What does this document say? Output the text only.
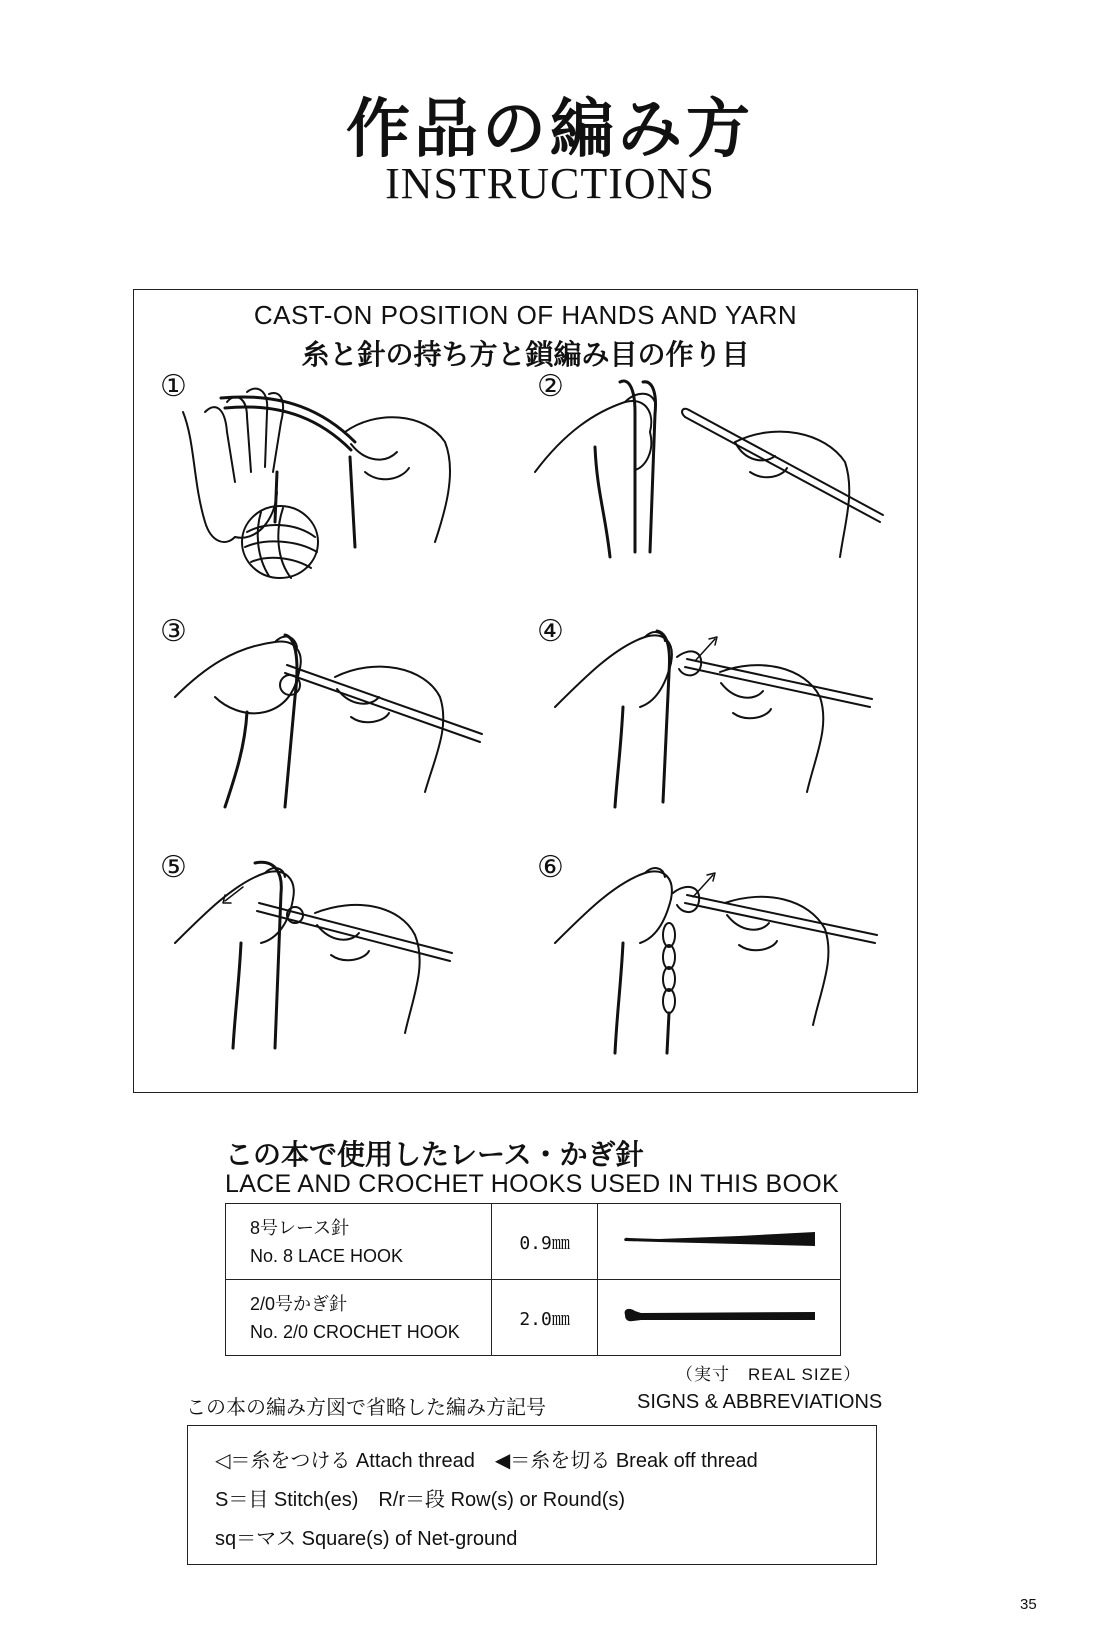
作品の編み方
INSTRUCTIONS
CAST-ON POSITION OF HANDS AND YARN
糸と針の持ち方と鎖編み目の作り目
①	②
③	④
⑤	⑥
この本で使用したレース・かぎ針
LACE AND CROCHET HOOKS USED IN THIS BOOK
8号レース針
No. 8 LACE HOOK	0.9㎜	

2/0号かぎ針
No. 2/0 CROCHET HOOK	2.0㎜	
（実寸　REAL SIZE）
この本の編み方図で省略した編み方記号	SIGNS & ABBREVIATIONS
◁＝糸をつける Attach thread　◀＝糸を切る Break off thread
S＝目 Stitch(es)　R/r＝段 Row(s) or Round(s)
sq＝マス Square(s) of Net-ground
35
